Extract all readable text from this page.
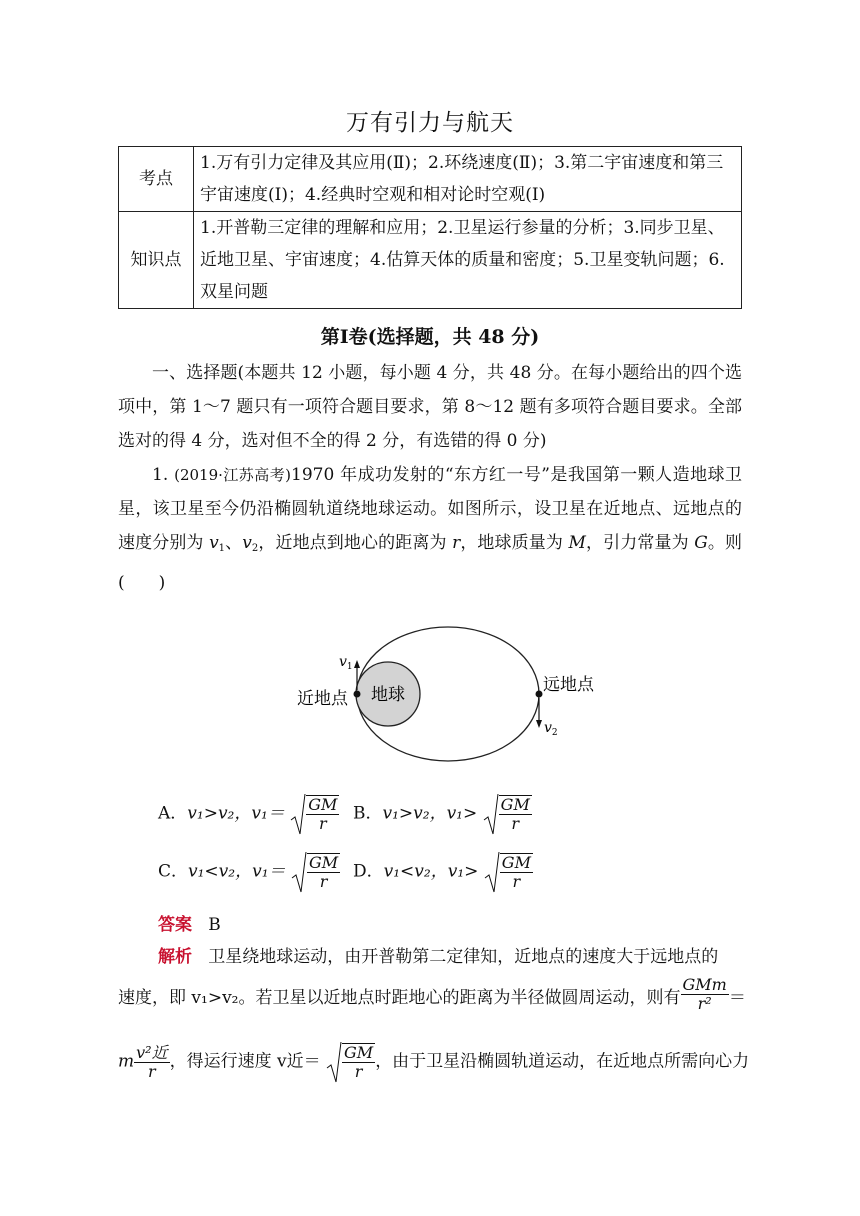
万有引力与航天
考点	1.万有引力定律及其应用(Ⅱ)；2.环绕速度(Ⅱ)；3.第二宇宙速度和第三
宇宙速度(Ⅰ)；4.经典时空观和相对论时空观(Ⅰ)

知识点	1.开普勒三定律的理解和应用；2.卫星运行参量的分析；3.同步卫星、
近地卫星、宇宙速度；4.估算天体的质量和密度；5.卫星变轨问题；6.
双星问题
第Ⅰ卷(选择题，共 48 分)
一、选择题(本题共 12 小题，每小题 4 分，共 48 分。在每小题给出的四个选项中，第 1～7 题只有一项符合题目要求，第 8～12 题有多项符合题目要求。全部选对的得 4 分，选对但不全的得 2 分，有选错的得 0 分)
1. (2019·江苏高考)1970 年成功发射的“东方红一号”是我国第一颗人造地球卫星，该卫星至今仍沿椭圆轨道绕地球运动。如图所示，设卫星在近地点、远地点的速度分别为 $v_1$、$v_2$，近地点到地心的距离为 r，地球质量为 M，引力常量为 G。则(　　)
地球
$v_1$
$v_2$
近地点
远地点
A．v₁>v₂，$v_1= \frac{GM}{r}$ B．v₁>v₂，$v_1> \frac{GM}{r}$
C．v₁<v₂，$v_1= \frac{GM}{r}$ D．v₁<v₂，$v_1> \frac{GM}{r}$
答案 B
解析 卫星绕地球运动，由开普勒第二定律知，近地点的速度大于远地点的
速度，即 v₁>v₂。若卫星以近地点时距地心的距离为半径做圆周运动，则有 $\frac{\text{GMm}}{\text{r²}}$ ＝
m $\frac{\text{v²近}}{r}$ ，得运行速度 v近＝ $\frac{GM}{r}$ ，由于卫星沿椭圆轨道运动，在近地点所需向心力
